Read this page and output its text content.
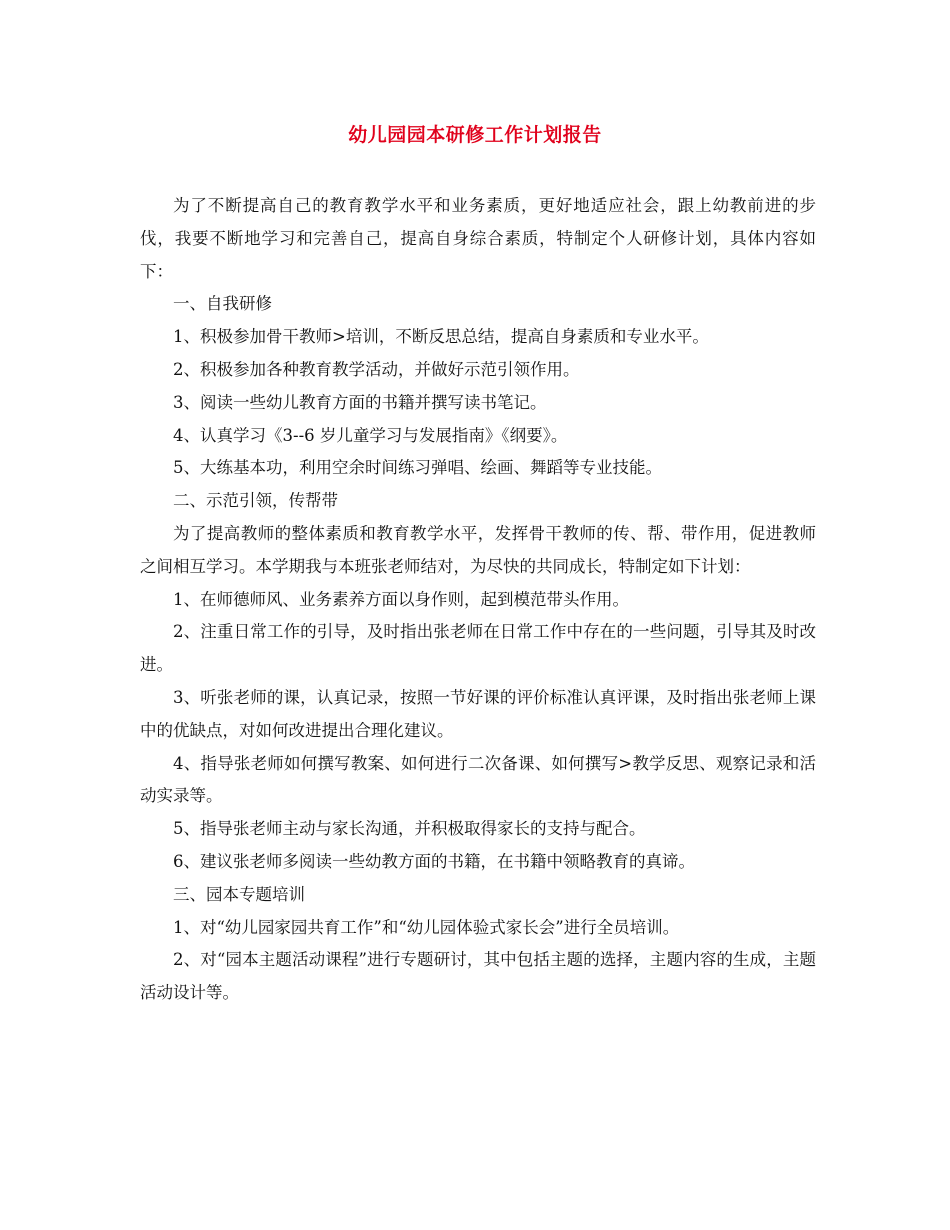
幼儿园园本研修工作计划报告

为了不断提高自己的教育教学水平和业务素质，更好地适应社会，跟上幼教前进的步伐，我要不断地学习和完善自己，提高自身综合素质，特制定个人研修计划，具体内容如下：

一、自我研修

1、积极参加骨干教师>培训，不断反思总结，提高自身素质和专业水平。

2、积极参加各种教育教学活动，并做好示范引领作用。

3、阅读一些幼儿教育方面的书籍并撰写读书笔记。

4、认真学习《3--6 岁儿童学习与发展指南》《纲要》。

5、大练基本功，利用空余时间练习弹唱、绘画、舞蹈等专业技能。

二、示范引领，传帮带

为了提高教师的整体素质和教育教学水平，发挥骨干教师的传、帮、带作用，促进教师之间相互学习。本学期我与本班张老师结对，为尽快的共同成长，特制定如下计划：

1、在师德师风、业务素养方面以身作则，起到模范带头作用。

2、注重日常工作的引导，及时指出张老师在日常工作中存在的一些问题，引导其及时改进。

3、听张老师的课，认真记录，按照一节好课的评价标准认真评课，及时指出张老师上课中的优缺点，对如何改进提出合理化建议。

4、指导张老师如何撰写教案、如何进行二次备课、如何撰写>教学反思、观察记录和活动实录等。

5、指导张老师主动与家长沟通，并积极取得家长的支持与配合。

6、建议张老师多阅读一些幼教方面的书籍，在书籍中领略教育的真谛。

三、园本专题培训

1、对“幼儿园家园共育工作”和“幼儿园体验式家长会”进行全员培训。

2、对“园本主题活动课程”进行专题研讨，其中包括主题的选择，主题内容的生成，主题活动设计等。
